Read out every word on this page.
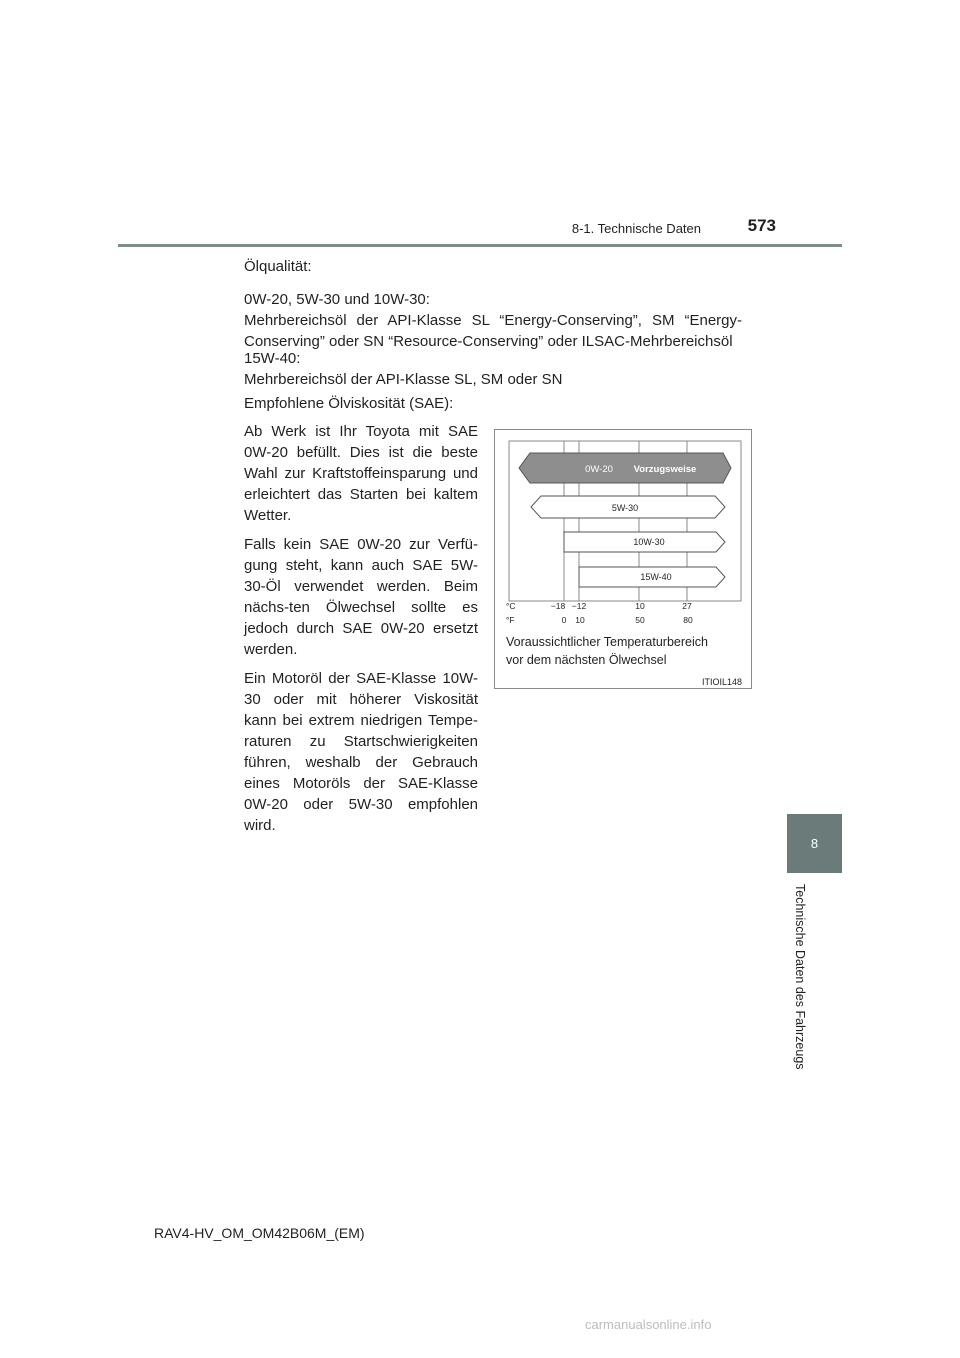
8-1. Technische Daten	573
8
Technische Daten des Fahrzeugs
Ölqualität:
0W-20, 5W-30 und 10W-30:
Mehrbereichsöl der API-Klasse SL “Energy-Conserving”, SM “Energy-Conserving” oder SN “Resource-Conserving” oder ILSAC-Mehrbereichsöl
15W-40:
Mehrbereichsöl der API-Klasse SL, SM oder SN
Empfohlene Ölviskosität (SAE):

Ab Werk ist Ihr Toyota mit SAE 0W-20 befüllt. Dies ist die beste Wahl zur Kraftstoffeinsparung und erleichtert das Starten bei kaltem Wetter.

Falls kein SAE 0W-20 zur Verfü-gung steht, kann auch SAE 5W-30-Öl verwendet werden. Beim nächs-ten Ölwechsel sollte es jedoch durch SAE 0W-20 ersetzt werden.

Ein Motoröl der SAE-Klasse 10W-30 oder mit höherer Viskosität kann bei extrem niedrigen Tempe-raturen zu Startschwierigkeiten führen, weshalb der Gebrauch eines Motoröls der SAE-Klasse 0W-20 oder 5W-30 empfohlen wird.

0W-20 Vorzugsweise
5W-30
10W-30
15W-40
°C	−18 −12	10	27
°F	0 10	50	80
Voraussichtlicher Temperaturbereich
vor dem nächsten Ölwechsel
ITIOIL148
RAV4-HV_OM_OM42B06M_(EM)
carmanualsonline.info
